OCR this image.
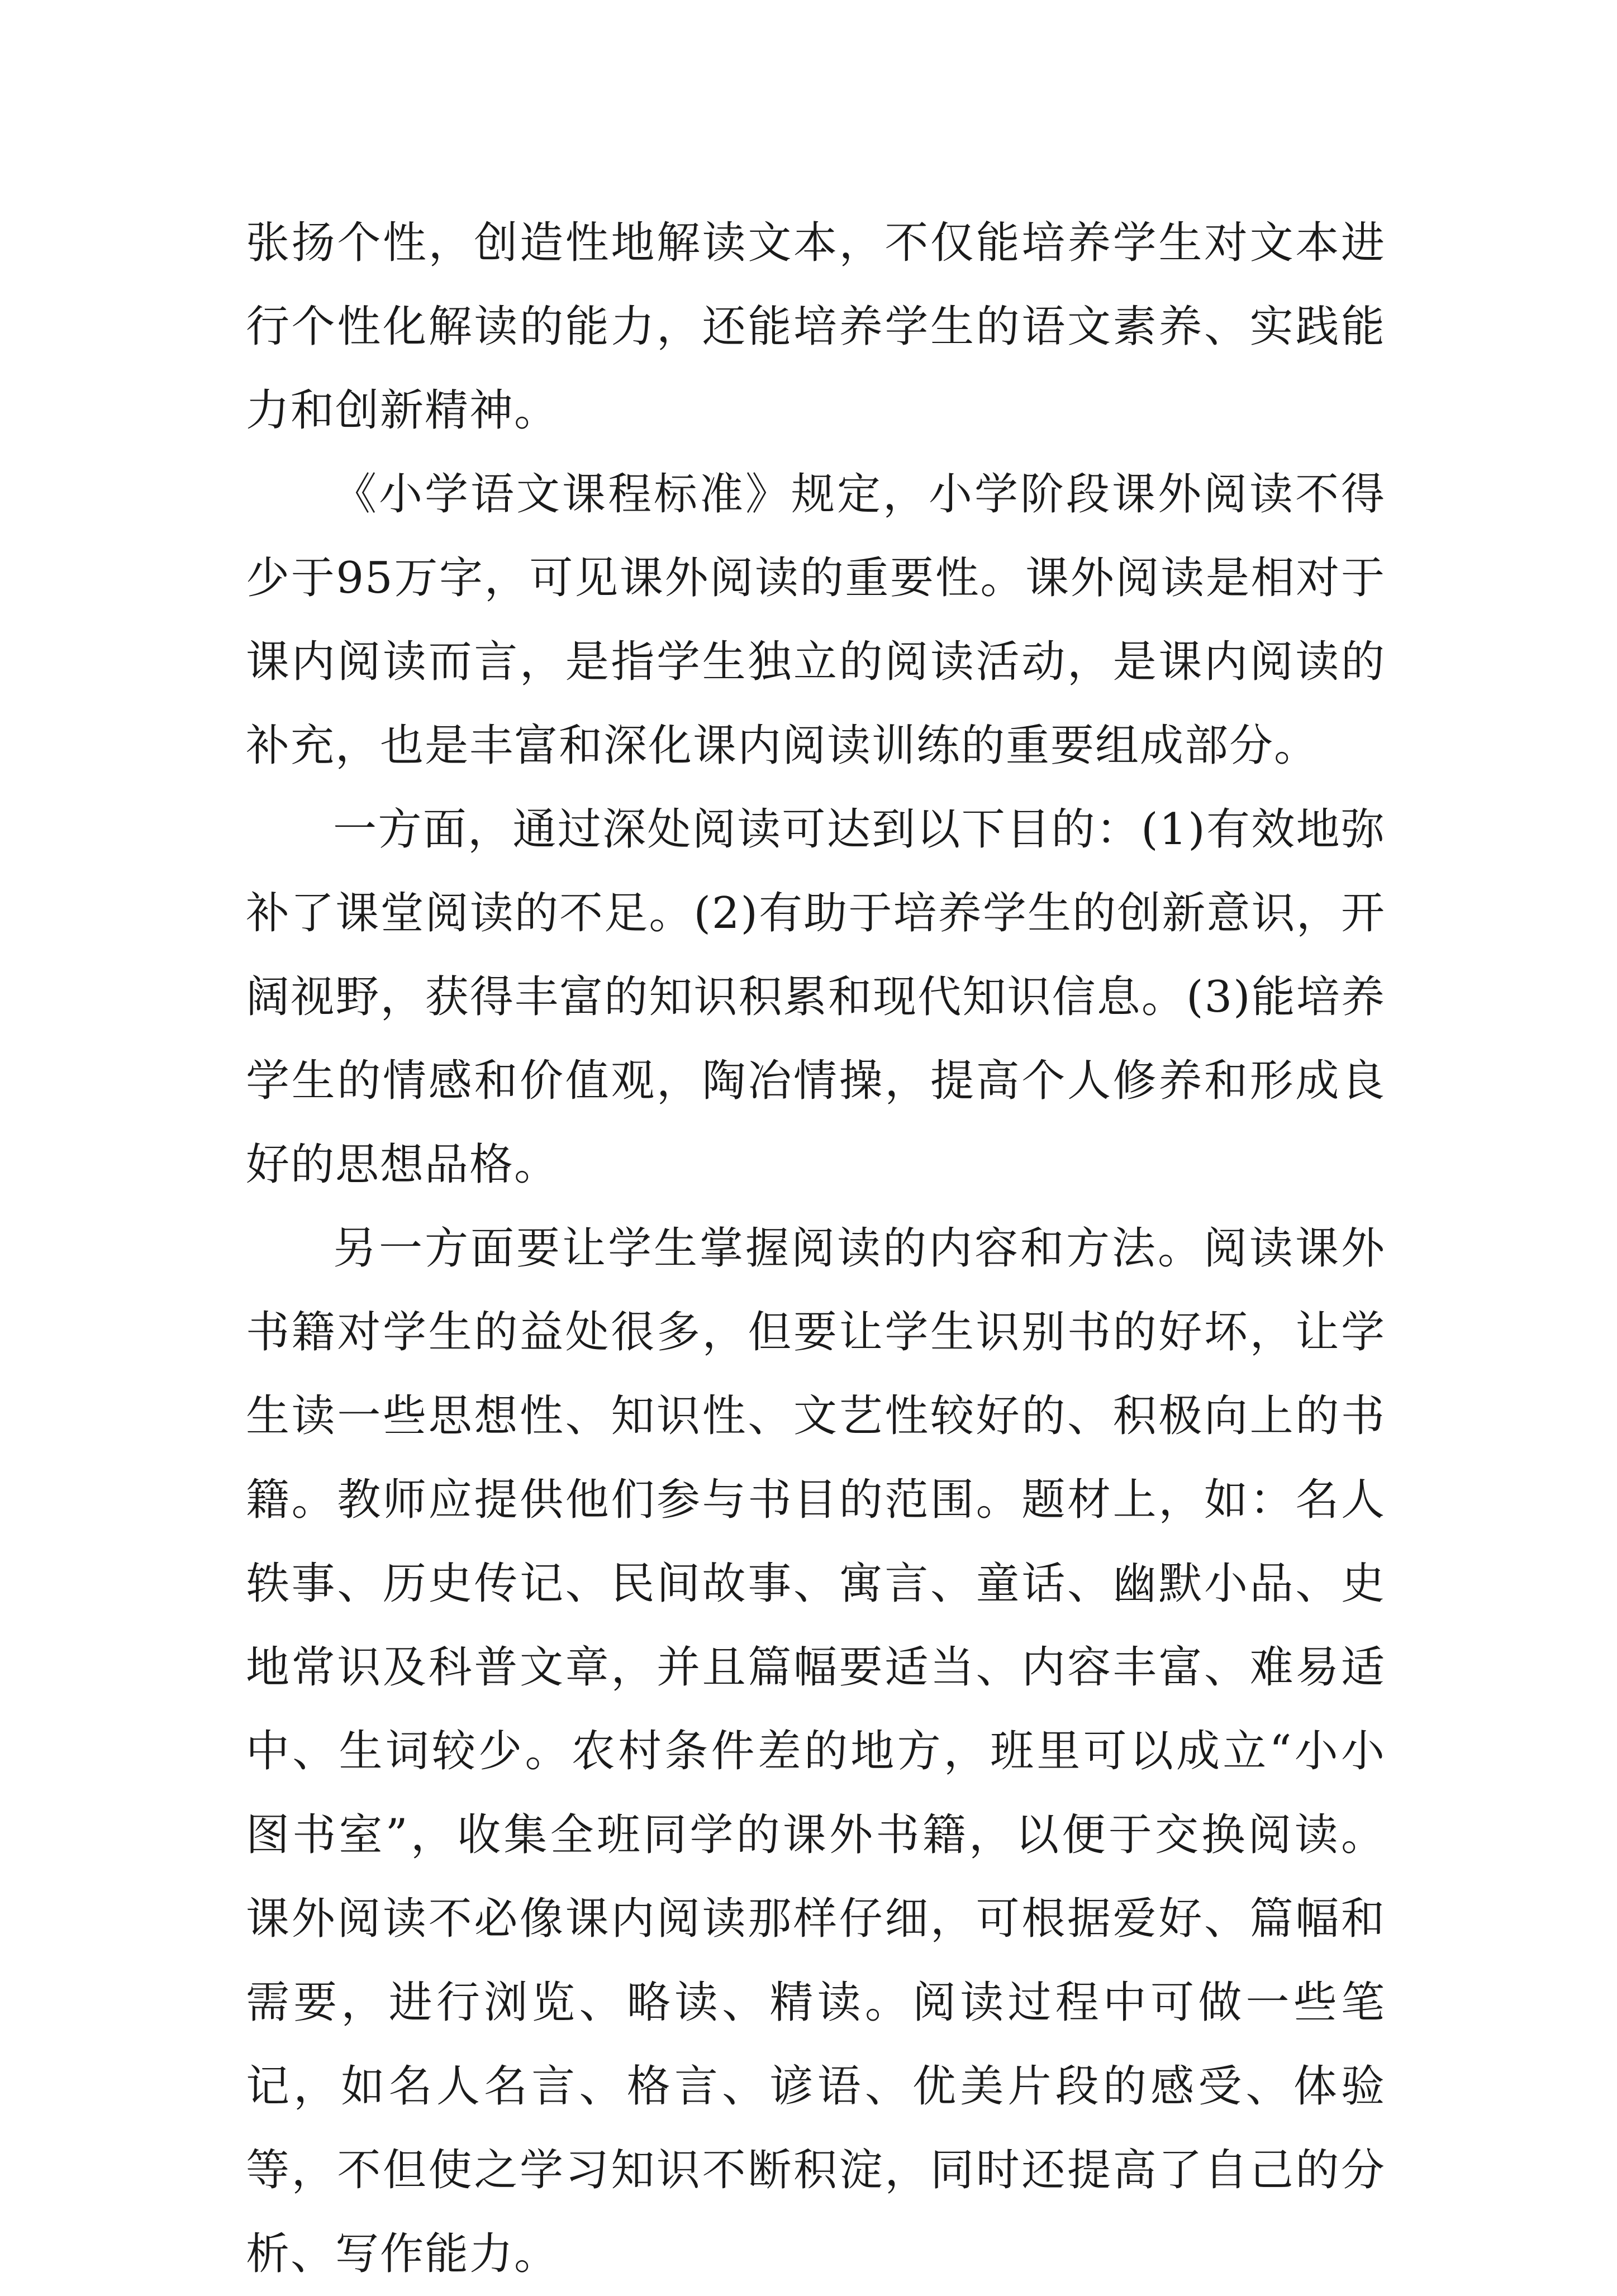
张扬个性，创造性地解读文本，不仅能培养学生对文本进行个性化解读的能力，还能培养学生的语文素养、实践能力和创新精神。

《小学语文课程标准》规定，小学阶段课外阅读不得少于95万字，可见课外阅读的重要性。课外阅读是相对于课内阅读而言，是指学生独立的阅读活动，是课内阅读的补充，也是丰富和深化课内阅读训练的重要组成部分。

一方面，通过深处阅读可达到以下目的：(1)有效地弥补了课堂阅读的不足。(2)有助于培养学生的创新意识，开阔视野，获得丰富的知识积累和现代知识信息。(3)能培养学生的情感和价值观，陶冶情操，提高个人修养和形成良好的思想品格。

另一方面要让学生掌握阅读的内容和方法。阅读课外书籍对学生的益处很多，但要让学生识别书的好坏，让学生读一些思想性、知识性、文艺性较好的、积极向上的书籍。教师应提供他们参与书目的范围。题材上，如：名人轶事、历史传记、民间故事、寓言、童话、幽默小品、史地常识及科普文章，并且篇幅要适当、内容丰富、难易适中、生词较少。农村条件差的地方，班里可以成立“小小图书室”，收集全班同学的课外书籍，以便于交换阅读。课外阅读不必像课内阅读那样仔细，可根据爱好、篇幅和需要，进行浏览、略读、精读。阅读过程中可做一些笔记，如名人名言、格言、谚语、优美片段的感受、体验等，不但使之学习知识不断积淀，同时还提高了自己的分析、写作能力。
